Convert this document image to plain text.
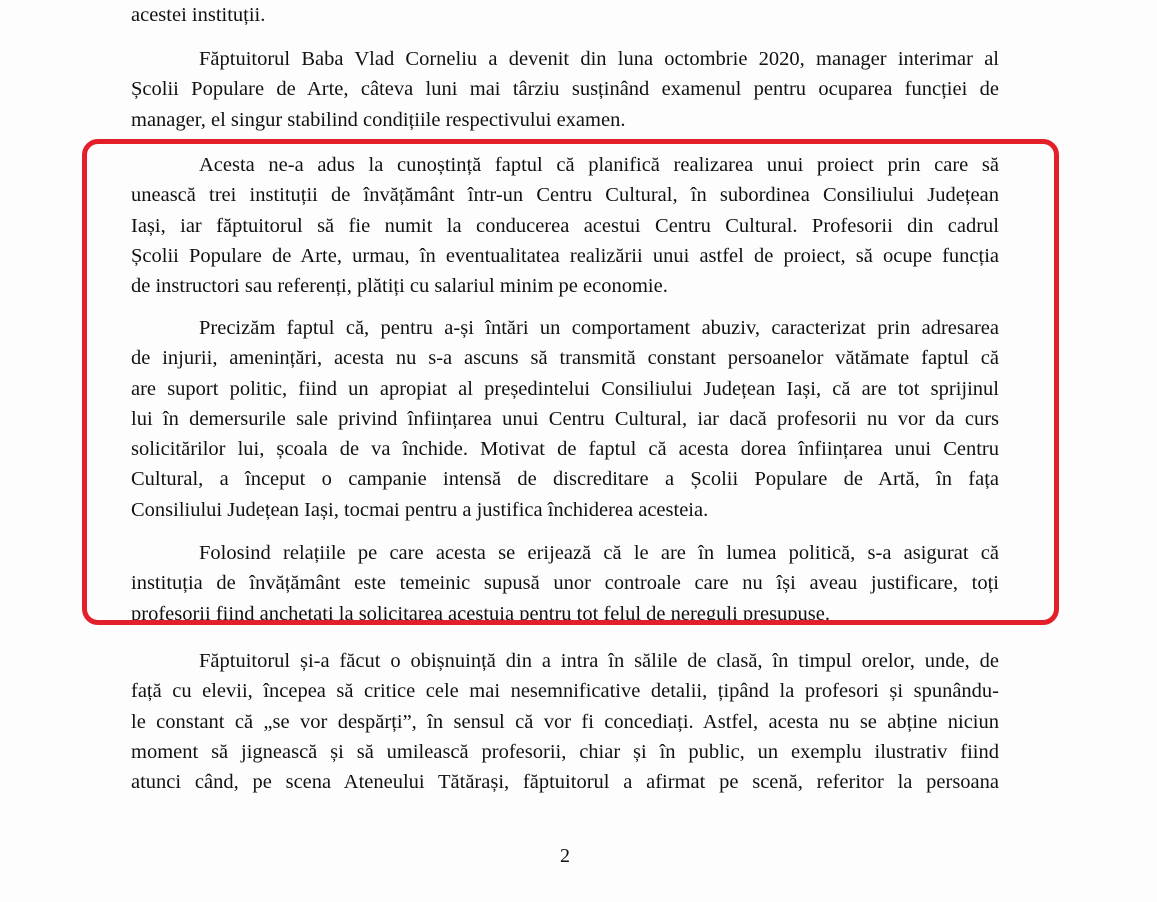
acestei instituții.
Făptuitorul Baba Vlad Corneliu a devenit din luna octombrie 2020, manager interimar al
Școlii Populare de Arte, câteva luni mai târziu susținând examenul pentru ocuparea funcției de
manager, el singur stabilind condițiile respectivului examen.
Acesta ne-a adus la cunoștință faptul că planifică realizarea unui proiect prin care să
unească trei instituții de învățământ într-un Centru Cultural, în subordinea Consiliului Județean
Iași, iar făptuitorul să fie numit la conducerea acestui Centru Cultural. Profesorii din cadrul
Școlii Populare de Arte, urmau, în eventualitatea realizării unui astfel de proiect, să ocupe funcția
de instructori sau referenți, plătiți cu salariul minim pe economie.
Precizăm faptul că, pentru a-și întări un comportament abuziv, caracterizat prin adresarea
de injurii, amenințări, acesta nu s-a ascuns să transmită constant persoanelor vătămate faptul că
are suport politic, fiind un apropiat al președintelui Consiliului Județean Iași, că are tot sprijinul
lui în demersurile sale privind înființarea unui Centru Cultural, iar dacă profesorii nu vor da curs
solicitărilor lui, școala de va închide. Motivat de faptul că acesta dorea înființarea unui Centru
Cultural, a început o campanie intensă de discreditare a Școlii Populare de Artă, în fața
Consiliului Județean Iași, tocmai pentru a justifica închiderea acesteia.
Folosind relațiile pe care acesta se erijează că le are în lumea politică, s-a asigurat că
instituția de învățământ este temeinic supusă unor controale care nu își aveau justificare, toți
profesorii fiind anchetați la solicitarea acestuia pentru tot felul de nereguli presupuse.
Făptuitorul și-a făcut o obișnuință din a intra în sălile de clasă, în timpul orelor, unde, de
față cu elevii, începea să critice cele mai nesemnificative detalii, țipând la profesori și spunându-
le constant că „se vor despărți”, în sensul că vor fi concediați. Astfel, acesta nu se abține niciun
moment să jignească și să umilească profesorii, chiar și în public, un exemplu ilustrativ fiind
atunci când, pe scena Ateneului Tătărași, făptuitorul a afirmat pe scenă, referitor la persoana
2
